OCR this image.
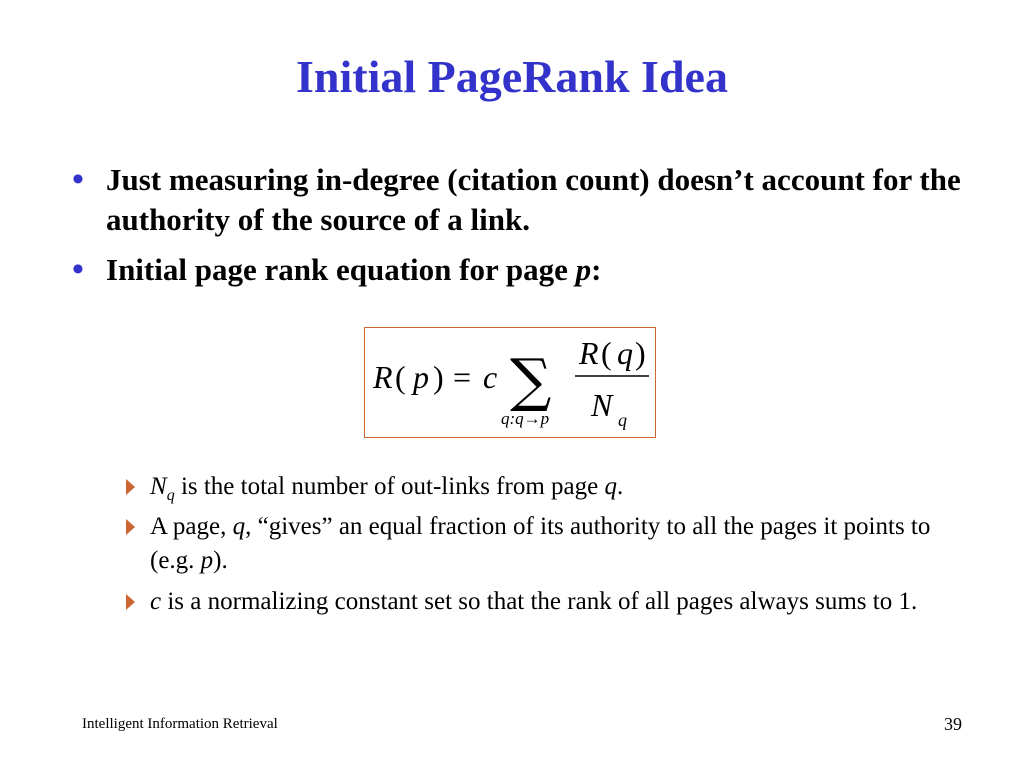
Initial PageRank Idea
• Just measuring in-degree (citation count) doesn’t account for the authority of the source of a link.
• Initial page rank equation for page p:
R ( p ) = c ∑
q:q→p
R ( q )
N q
$N_q$ is the total number of out-links from page q.
A page, q, “gives” an equal fraction of its authority to all the pages it points to (e.g. p).
c is a normalizing constant set so that the rank of all pages always sums to 1.
Intelligent Information Retrieval	39
